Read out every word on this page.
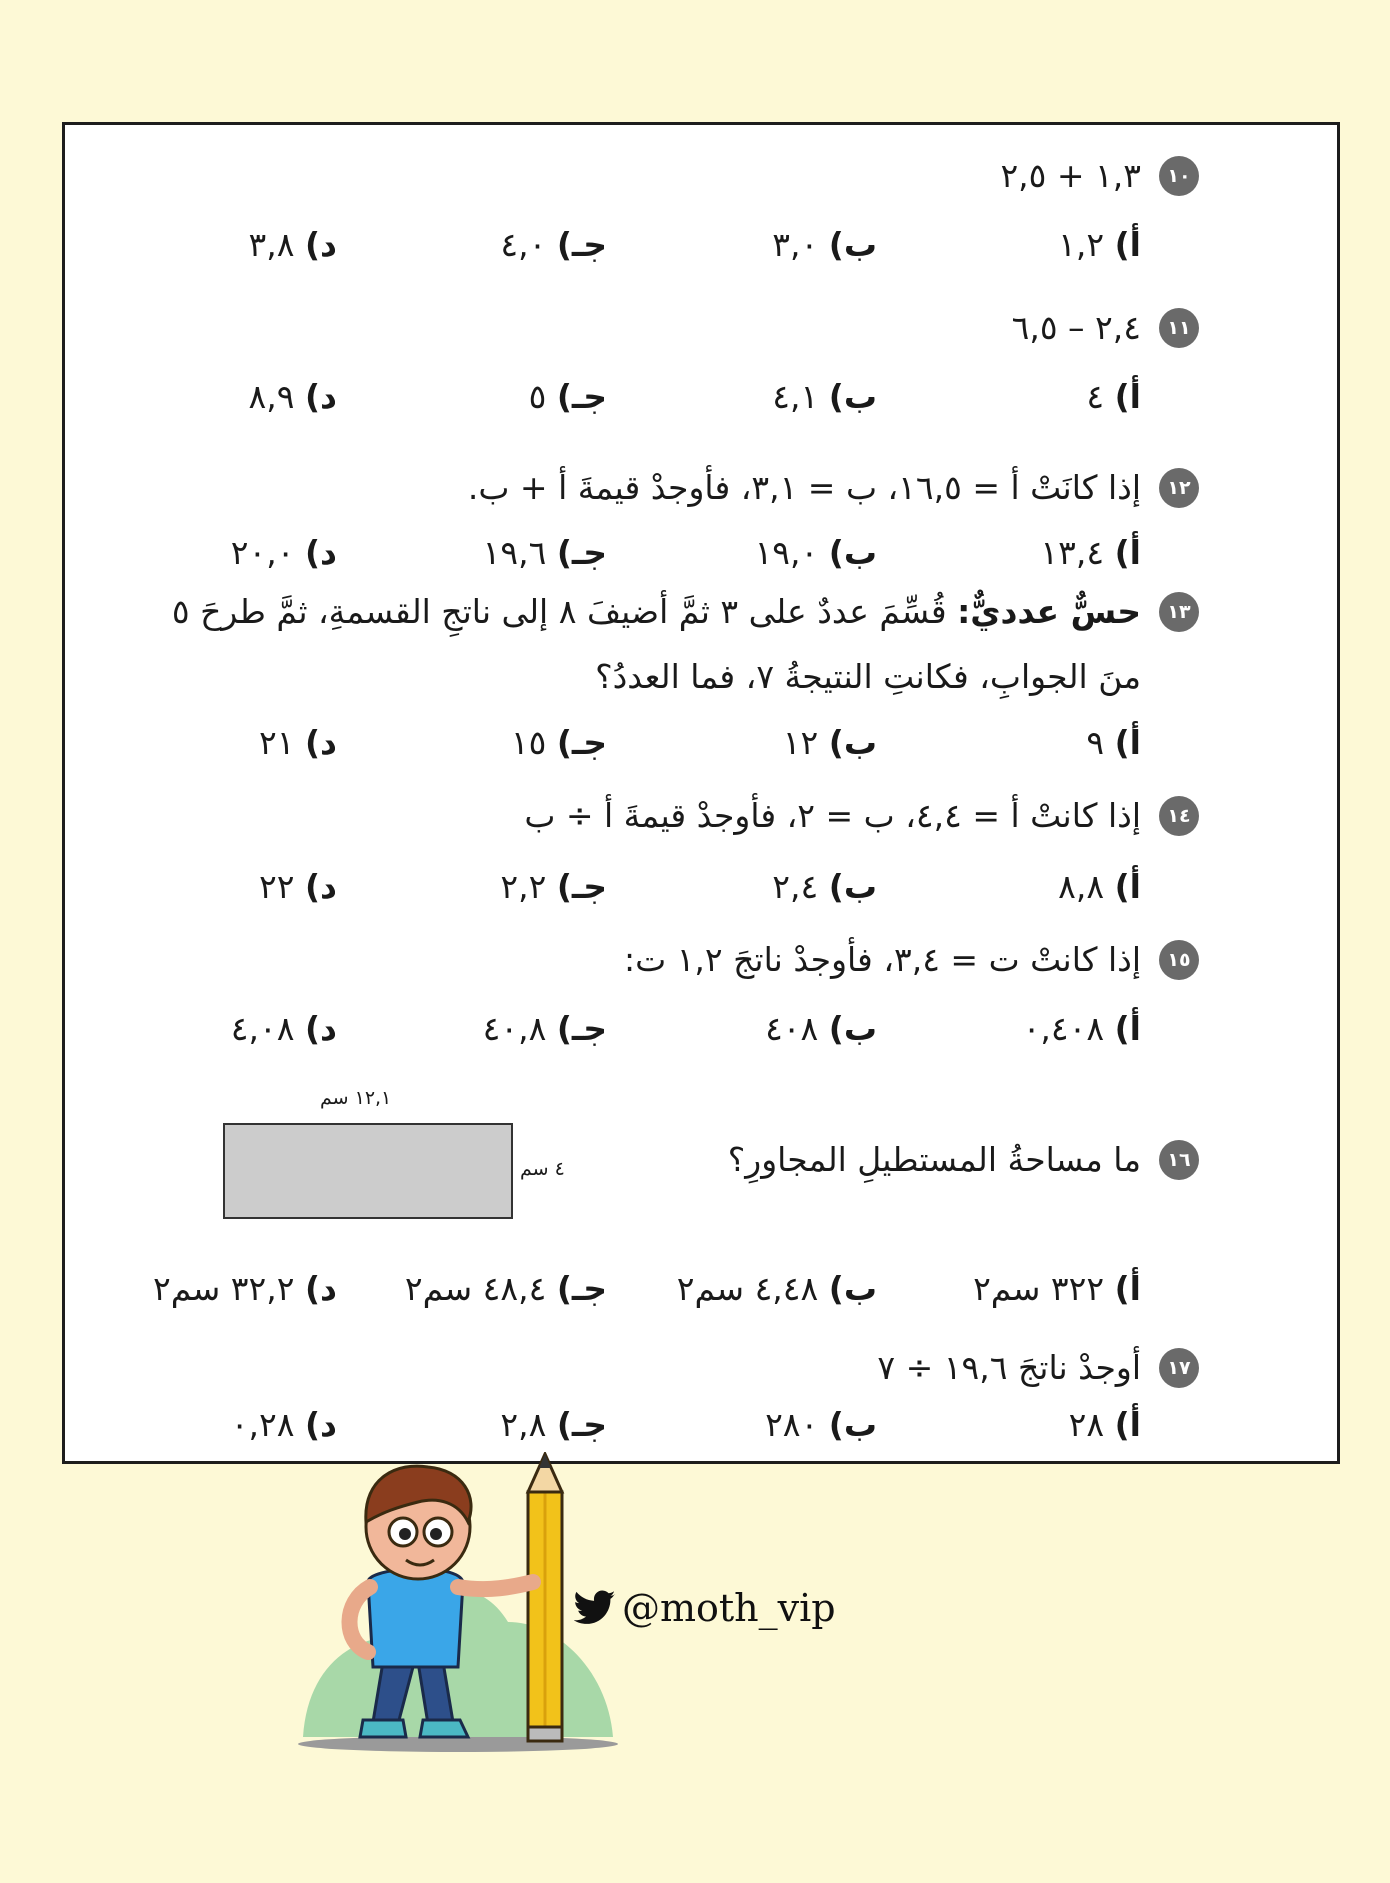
١٠
١,٣ + ٢,٥
أ) ١,٢
ب) ٣,٠
جـ) ٤,٠
د) ٣,٨
١١
٢,٤ – ٦,٥
أ) ٤
ب) ٤,١
جـ) ٥
د) ٨,٩
١٢
إذا كانَتْ أ = ١٦,٥، ب = ٣,١، فأوجدْ قيمةَ أ + ب.
أ) ١٣,٤
ب) ١٩,٠
جـ) ١٩,٦
د) ٢٠,٠
١٣
حسٌّ عدديٌّ: قُسِّمَ عددٌ على ٣ ثمَّ أضيفَ ٨ إلى ناتجِ القسمةِ، ثمَّ طرحَ ٥
منَ الجوابِ، فكانتِ النتيجةُ ٧، فما العددُ؟
أ) ٩
ب) ١٢
جـ) ١٥
د) ٢١
١٤
إذا كانتْ أ = ٤,٤، ب = ٢، فأوجدْ قيمةَ أ ÷ ب
أ) ٨,٨
ب) ٢,٤
جـ) ٢,٢
د) ٢٢
١٥
إذا كانتْ ت = ٣,٤، فأوجدْ ناتجَ ١,٢ ت:
أ) ٠,٤٠٨
ب) ٤٠٨
جـ) ٤٠,٨
د) ٤,٠٨
١٦
ما مساحةُ المستطيلِ المجاورِ؟
١٢,١ سم
٤ سم
أ) ٣٢٢ سم٢
ب) ٤,٤٨ سم٢
جـ) ٤٨,٤ سم٢
د) ٣٢,٢ سم٢
١٧
أوجدْ ناتجَ ١٩,٦ ÷ ٧
أ) ٢٨
ب) ٢٨٠
جـ) ٢,٨
د) ٠,٢٨
@moth_vip
